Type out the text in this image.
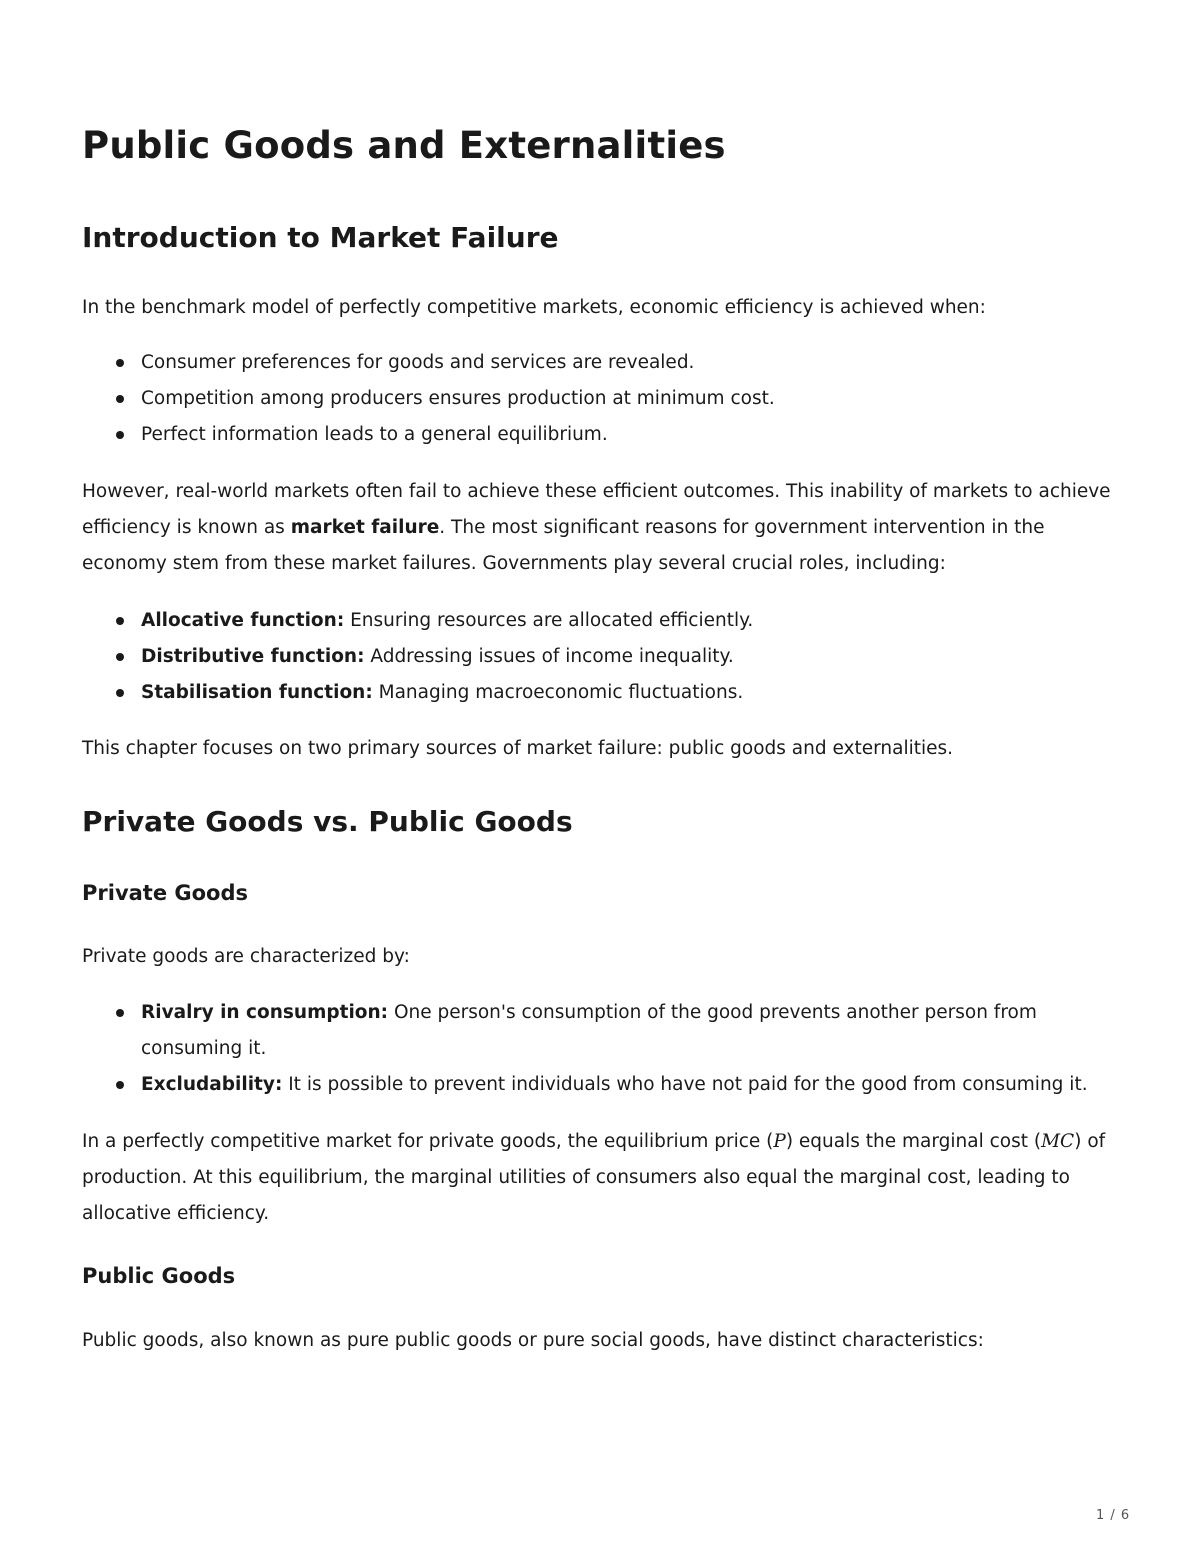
Public Goods and Externalities
Introduction to Market Failure

In the benchmark model of perfectly competitive markets, economic efficiency is achieved when:

Consumer preferences for goods and services are revealed.
Competition among producers ensures production at minimum cost.
Perfect information leads to a general equilibrium.

However, real-world markets often fail to achieve these efficient outcomes. This inability of markets to achieve efficiency is known as market failure. The most significant reasons for government intervention in the economy stem from these market failures. Governments play several crucial roles, including:

Allocative function: Ensuring resources are allocated efficiently.
Distributive function: Addressing issues of income inequality.
Stabilisation function: Managing macroeconomic fluctuations.

This chapter focuses on two primary sources of market failure: public goods and externalities.

Private Goods vs. Public Goods
Private Goods

Private goods are characterized by:

Rivalry in consumption: One person's consumption of the good prevents another person from consuming it.
Excludability: It is possible to prevent individuals who have not paid for the good from consuming it.

In a perfectly competitive market for private goods, the equilibrium price (P) equals the marginal cost (MC) of production. At this equilibrium, the marginal utilities of consumers also equal the marginal cost, leading to allocative efficiency.

Public Goods

Public goods, also known as pure public goods or pure social goods, have distinct characteristics:

1 / 6
